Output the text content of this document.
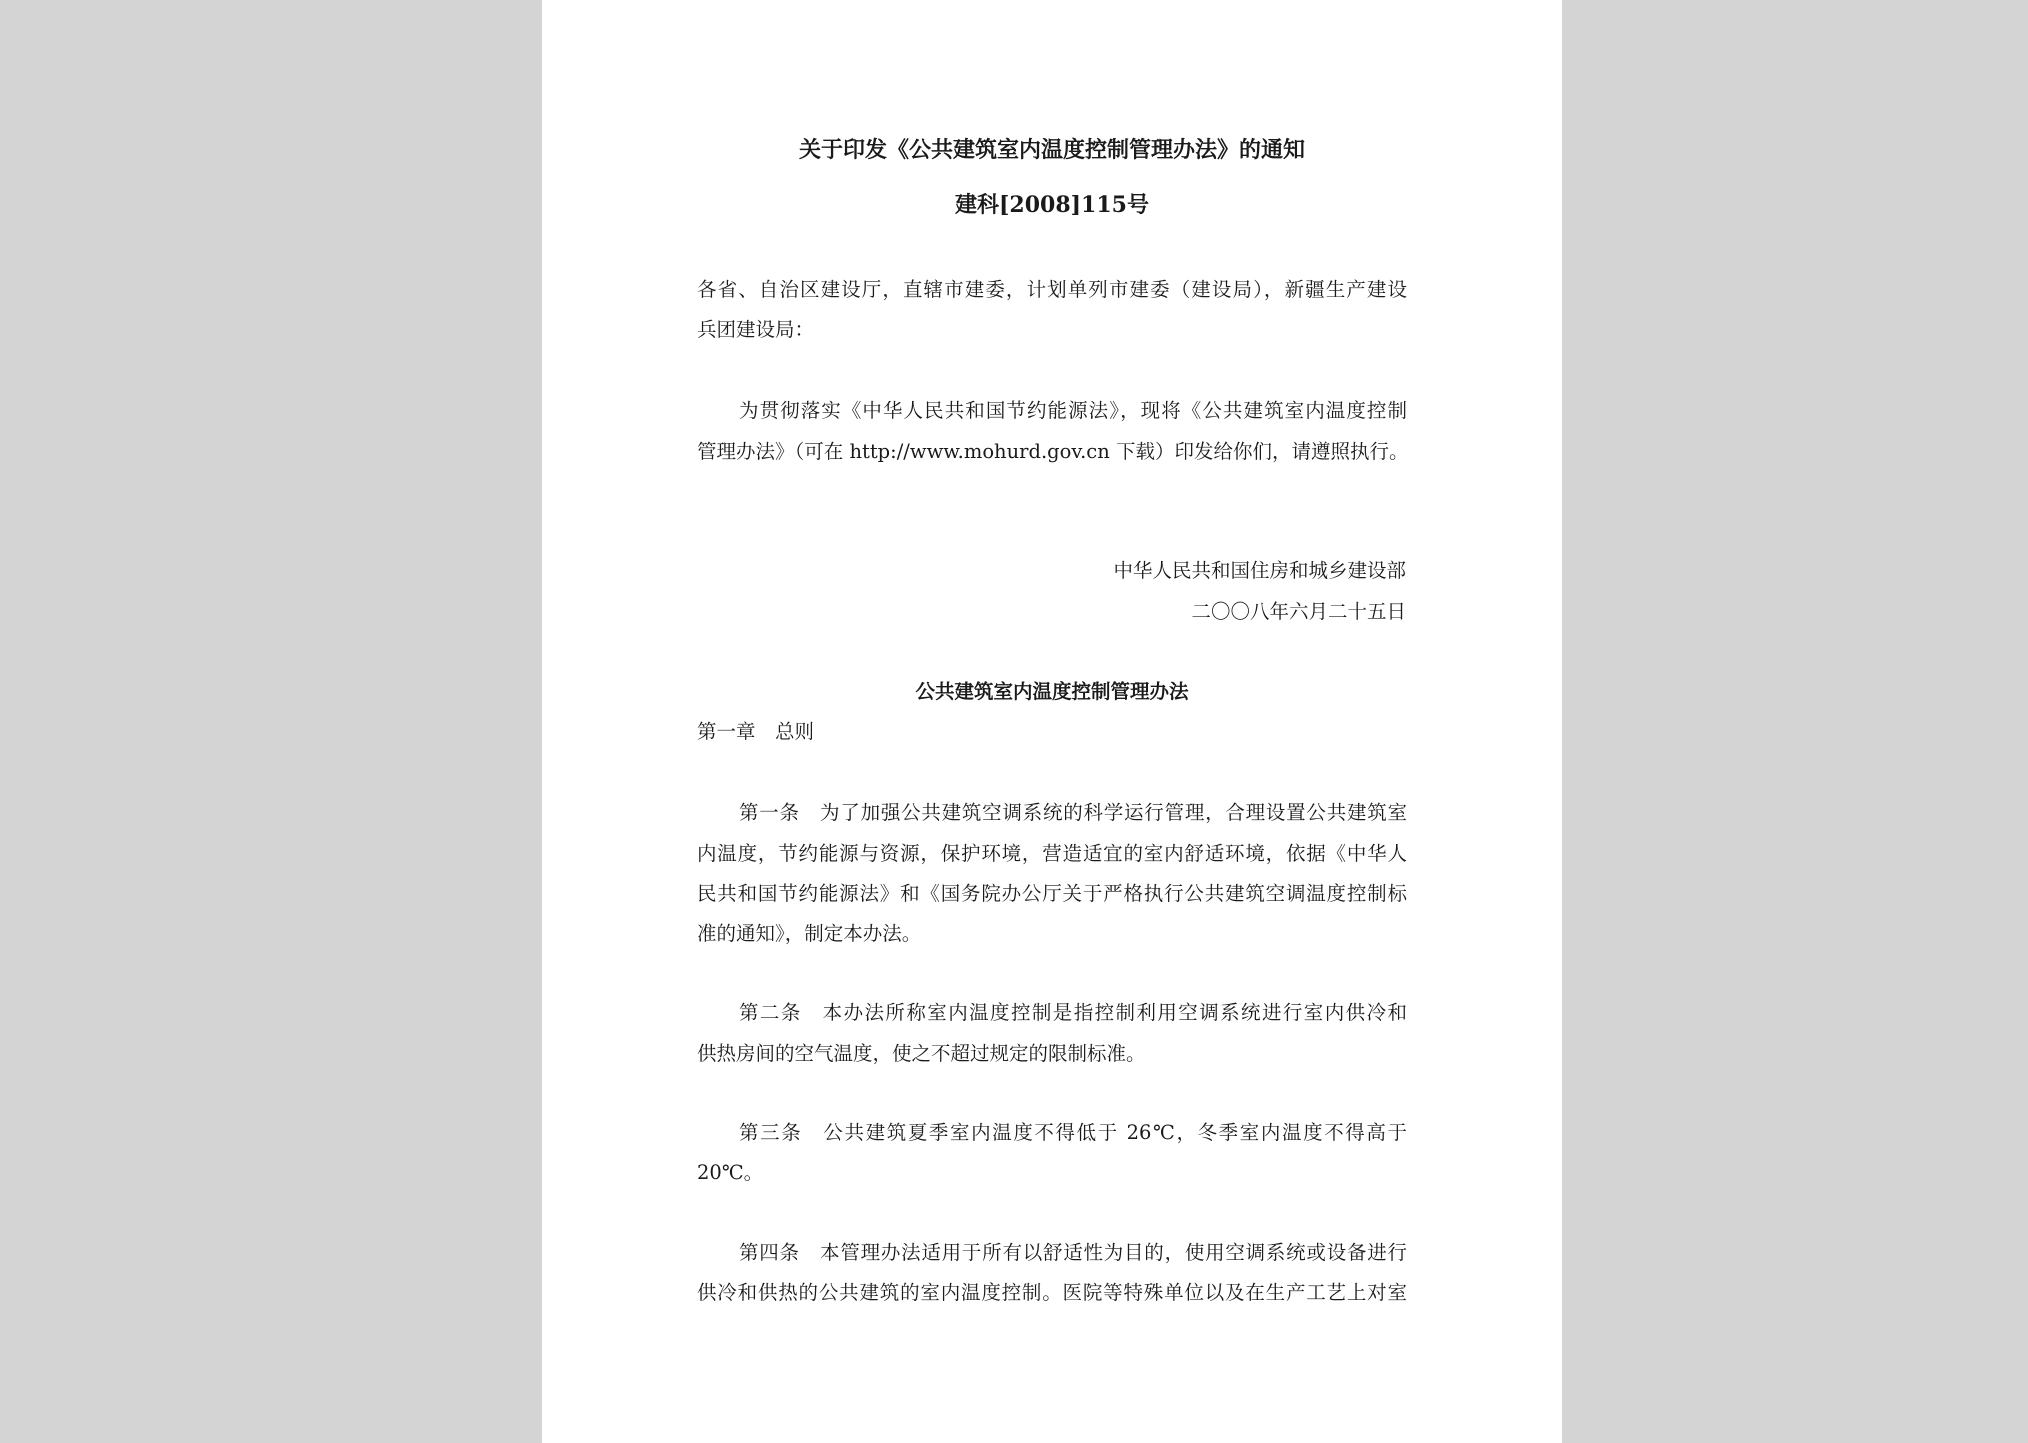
关于印发《公共建筑室内温度控制管理办法》的通知
建科[2008]115号
各省、自治区建设厅，直辖市建委，计划单列市建委（建设局），新疆生产建设
兵团建设局：
为贯彻落实《中华人民共和国节约能源法》，现将《公共建筑室内温度控制
管理办法》（可在 http://www.mohurd.gov.cn 下载）印发给你们，请遵照执行。
中华人民共和国住房和城乡建设部
二〇〇八年六月二十五日
公共建筑室内温度控制管理办法
第一章　总则
第一条　为了加强公共建筑空调系统的科学运行管理，合理设置公共建筑室
内温度，节约能源与资源，保护环境，营造适宜的室内舒适环境，依据《中华人
民共和国节约能源法》和《国务院办公厅关于严格执行公共建筑空调温度控制标
准的通知》，制定本办法。
第二条　本办法所称室内温度控制是指控制利用空调系统进行室内供冷和
供热房间的空气温度，使之不超过规定的限制标准。
第三条　公共建筑夏季室内温度不得低于 26℃，冬季室内温度不得高于
20℃。
第四条　本管理办法适用于所有以舒适性为目的，使用空调系统或设备进行
供冷和供热的公共建筑的室内温度控制。医院等特殊单位以及在生产工艺上对室
